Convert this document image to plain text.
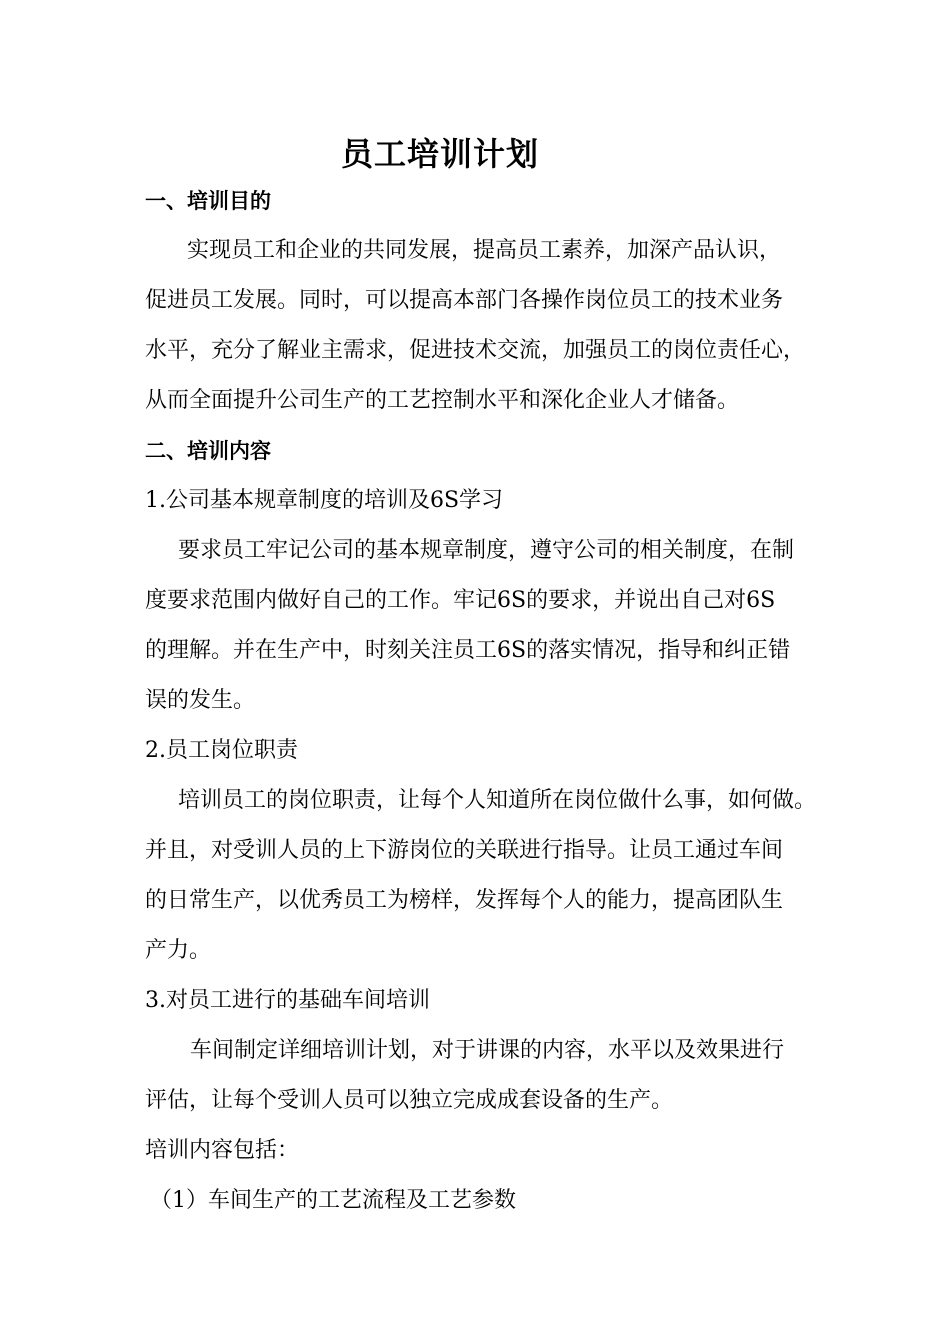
员工培训计划
一、培训目的
实现员工和企业的共同发展，提高员工素养，加深产品认识，
促进员工发展。同时，可以提高本部门各操作岗位员工的技术业务
水平，充分了解业主需求，促进技术交流，加强员工的岗位责任心，
从而全面提升公司生产的工艺控制水平和深化企业人才储备。
二、培训内容
1.公司基本规章制度的培训及6S学习
要求员工牢记公司的基本规章制度，遵守公司的相关制度，在制
度要求范围内做好自己的工作。牢记6S的要求，并说出自己对6S
的理解。并在生产中，时刻关注员工6S的落实情况，指导和纠正错
误的发生。
2.员工岗位职责
培训员工的岗位职责，让每个人知道所在岗位做什么事，如何做。
并且，对受训人员的上下游岗位的关联进行指导。让员工通过车间
的日常生产，以优秀员工为榜样，发挥每个人的能力，提高团队生
产力。
3.对员工进行的基础车间培训
车间制定详细培训计划，对于讲课的内容，水平以及效果进行
评估，让每个受训人员可以独立完成成套设备的生产。
培训内容包括：
（1）车间生产的工艺流程及工艺参数
